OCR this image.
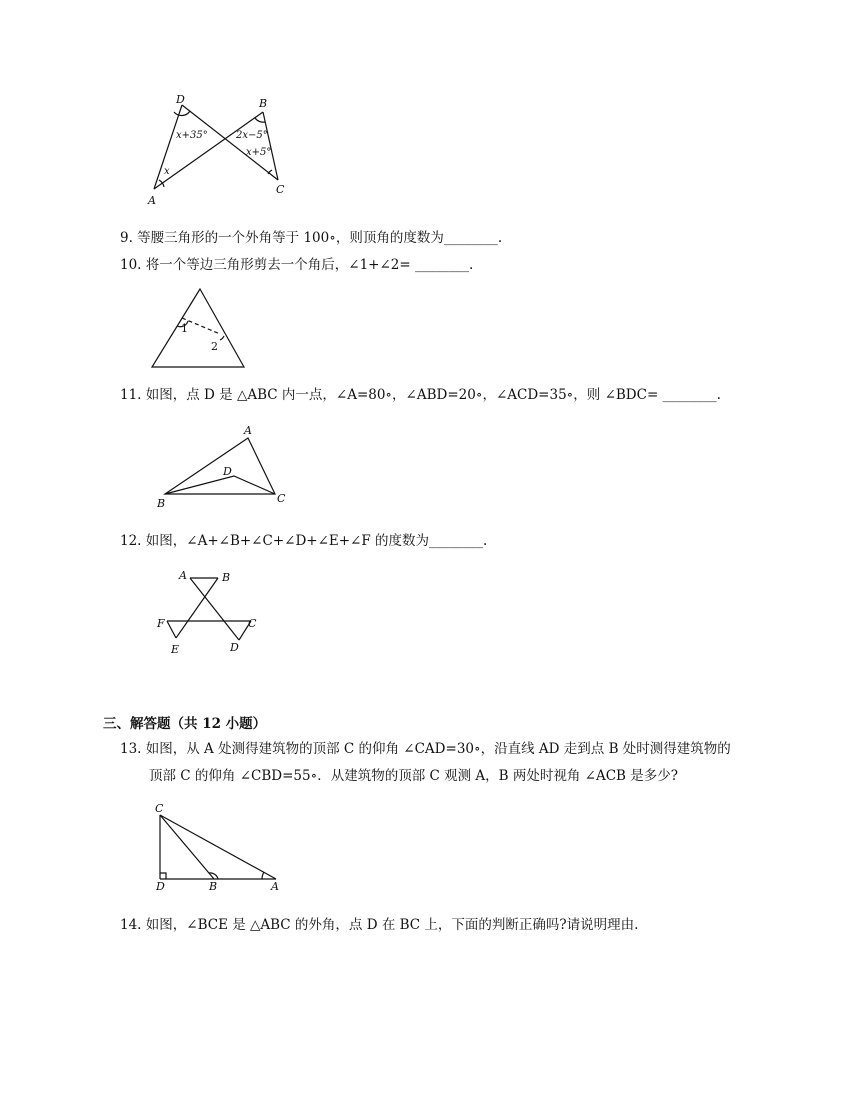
D	B
A
C
x+35°
x
2x−5°
x+5°
9. 等腰三角形的一个外角等于 100∘，则顶角的度数为________.
10. 将一个等边三角形剪去一个角后，∠1+∠2= ________.
1
2
11. 如图，点 D 是 △ABC 内一点，∠A=80∘，∠ABD=20∘，∠ACD=35∘，则 ∠BDC= ________.
A
B	C
D
12. 如图，∠A+∠B+∠C+∠D+∠E+∠F 的度数为________.
A	B
C
D
E
F
三、解答题（共 12 小题）
13. 如图，从 A 处测得建筑物的顶部 C 的仰角 ∠CAD=30∘，沿直线 AD 走到点 B 处时测得建筑物的
顶部 C 的仰角 ∠CBD=55∘．从建筑物的顶部 C 观测 A，B 两处时视角 ∠ACB 是多少?
C
D	B	A
14. 如图，∠BCE 是 △ABC 的外角，点 D 在 BC 上，下面的判断正确吗?请说明理由.
